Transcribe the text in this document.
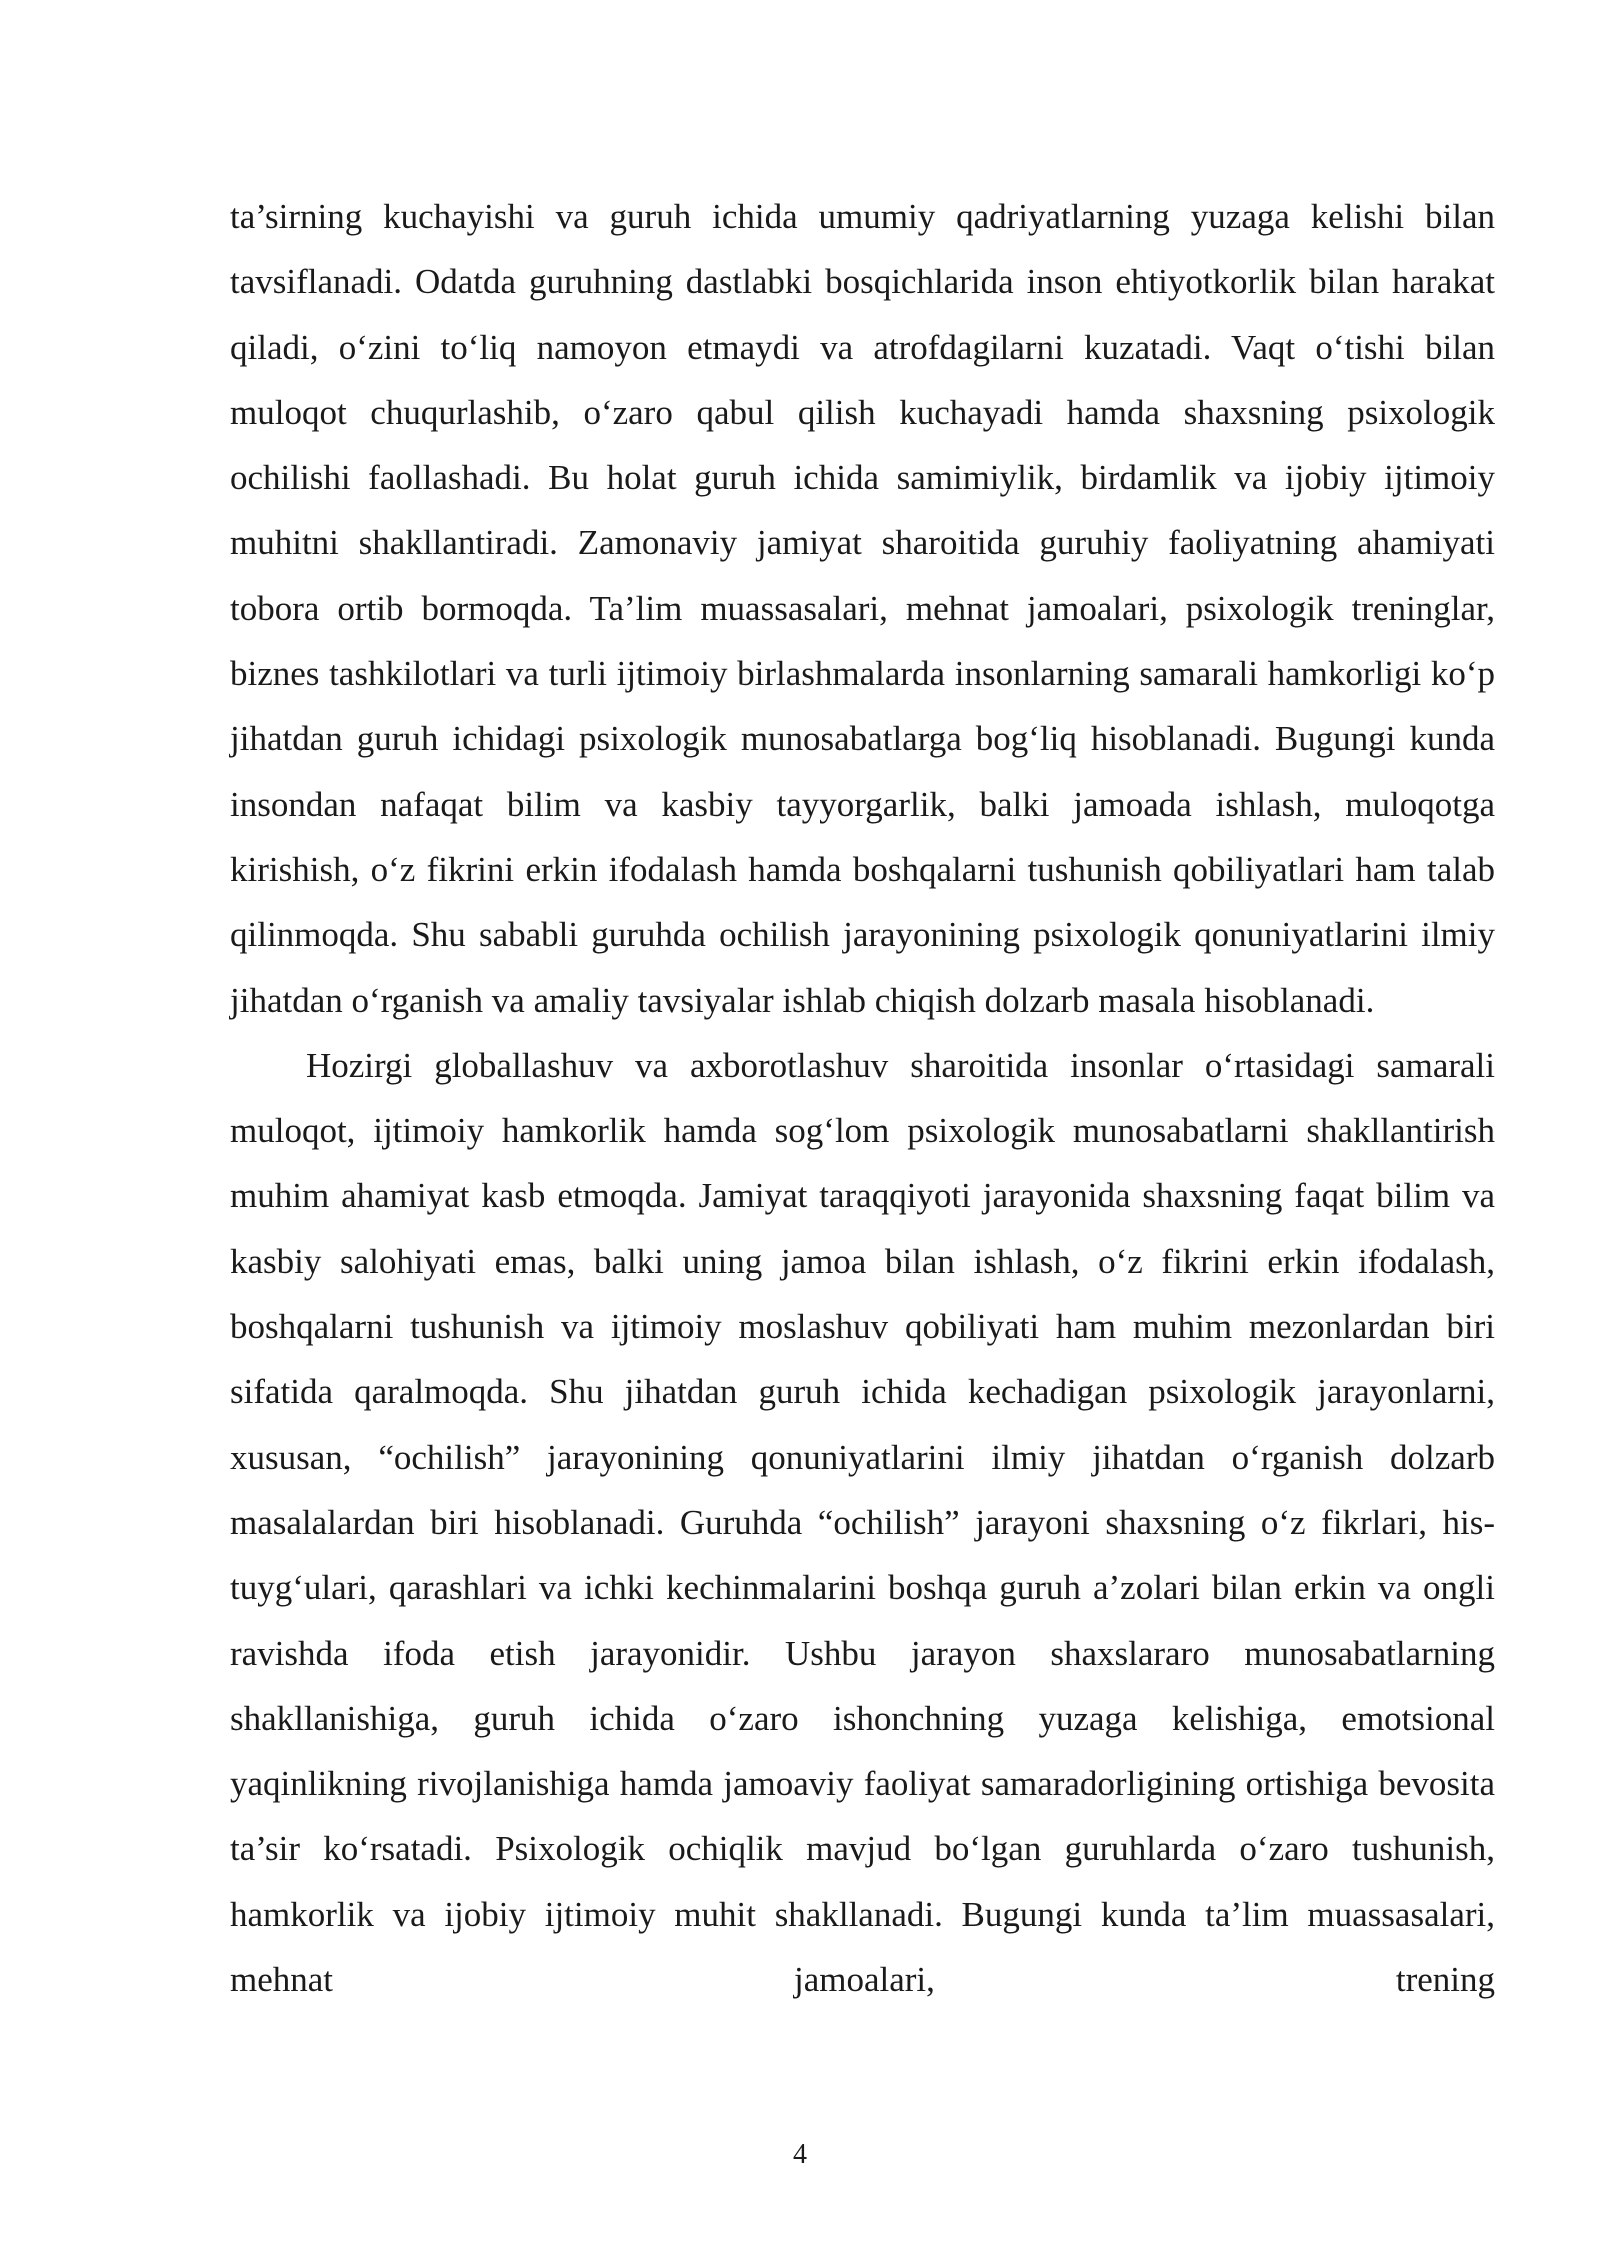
ta’sirning kuchayishi va guruh ichida umumiy qadriyatlarning yuzaga kelishi bilan tavsiflanadi. Odatda guruhning dastlabki bosqichlarida inson ehtiyotkorlik bilan harakat qiladi, o‘zini to‘liq namoyon etmaydi va atrofdagilarni kuzatadi. Vaqt o‘tishi bilan muloqot chuqurlashib, o‘zaro qabul qilish kuchayadi hamda shaxsning psixologik ochilishi faollashadi. Bu holat guruh ichida samimiylik, birdamlik va ijobiy ijtimoiy muhitni shakllantiradi. Zamonaviy jamiyat sharoitida guruhiy faoliyatning ahamiyati tobora ortib bormoqda. Ta’lim muassasalari, mehnat jamoalari, psixologik treninglar, biznes tashkilotlari va turli ijtimoiy birlashmalarda insonlarning samarali hamkorligi ko‘p jihatdan guruh ichidagi psixologik munosabatlarga bog‘liq hisoblanadi. Bugungi kunda insondan nafaqat bilim va kasbiy tayyorgarlik, balki jamoada ishlash, muloqotga kirishish, o‘z fikrini erkin ifodalash hamda boshqalarni tushunish qobiliyatlari ham talab qilinmoqda. Shu sababli guruhda ochilish jarayonining psixologik qonuniyatlarini ilmiy jihatdan o‘rganish va amaliy tavsiyalar ishlab chiqish dolzarb masala hisoblanadi.

Hozirgi globallashuv va axborotlashuv sharoitida insonlar o‘rtasidagi samarali muloqot, ijtimoiy hamkorlik hamda sog‘lom psixologik munosabatlarni shakllantirish muhim ahamiyat kasb etmoqda. Jamiyat taraqqiyoti jarayonida shaxsning faqat bilim va kasbiy salohiyati emas, balki uning jamoa bilan ishlash, o‘z fikrini erkin ifodalash, boshqalarni tushunish va ijtimoiy moslashuv qobiliyati ham muhim mezonlardan biri sifatida qaralmoqda. Shu jihatdan guruh ichida kechadigan psixologik jarayonlarni, xususan, “ochilish” jarayonining qonuniyatlarini ilmiy jihatdan o‘rganish dolzarb masalalardan biri hisoblanadi. Guruhda “ochilish” jarayoni shaxsning o‘z fikrlari, his-tuyg‘ulari, qarashlari va ichki kechinmalarini boshqa guruh a’zolari bilan erkin va ongli ravishda ifoda etish jarayonidir. Ushbu jarayon shaxslararo munosabatlarning shakllanishiga, guruh ichida o‘zaro ishonchning yuzaga kelishiga, emotsional yaqinlikning rivojlanishiga hamda jamoaviy faoliyat samaradorligining ortishiga bevosita ta’sir ko‘rsatadi. Psixologik ochiqlik mavjud bo‘lgan guruhlarda o‘zaro tushunish, hamkorlik va ijobiy ijtimoiy muhit shakllanadi. Bugungi kunda ta’lim muassasalari, mehnat jamoalari, trening

4
